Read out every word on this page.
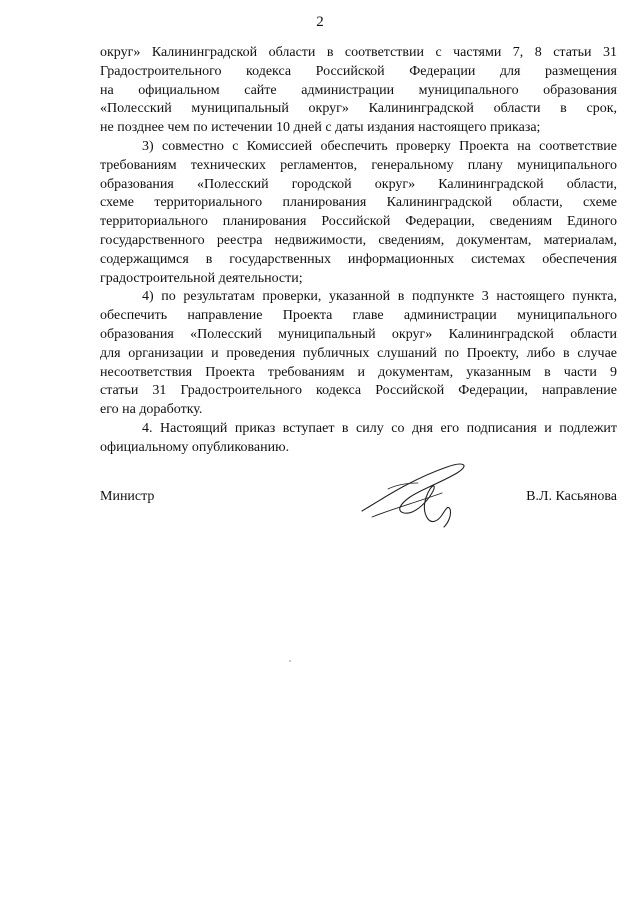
2
округ» Калининградской области в соответствии с частями 7, 8 статьи 31
Градостроительного кодекса Российской Федерации для размещения
на официальном сайте администрации муниципального образования
«Полесский муниципальный округ» Калининградской области в срок,
не позднее чем по истечении 10 дней с даты издания настоящего приказа;
3) совместно с Комиссией обеспечить проверку Проекта на соответствие
требованиям технических регламентов, генеральному плану муниципального
образования «Полесский городской округ» Калининградской области,
схеме территориального планирования Калининградской области, схеме
территориального планирования Российской Федерации, сведениям Единого
государственного реестра недвижимости, сведениям, документам, материалам,
содержащимся в государственных информационных системах обеспечения
градостроительной деятельности;
4) по результатам проверки, указанной в подпункте 3 настоящего пункта,
обеспечить направление Проекта главе администрации муниципального
образования «Полесский муниципальный округ» Калининградской области
для организации и проведения публичных слушаний по Проекту, либо в случае
несоответствия Проекта требованиям и документам, указанным в части 9
статьи 31 Градостроительного кодекса Российской Федерации, направление
его на доработку.
4. Настоящий приказ вступает в силу со дня его подписания и подлежит
официальному опубликованию.
Министр	В.Л. Касьянова
